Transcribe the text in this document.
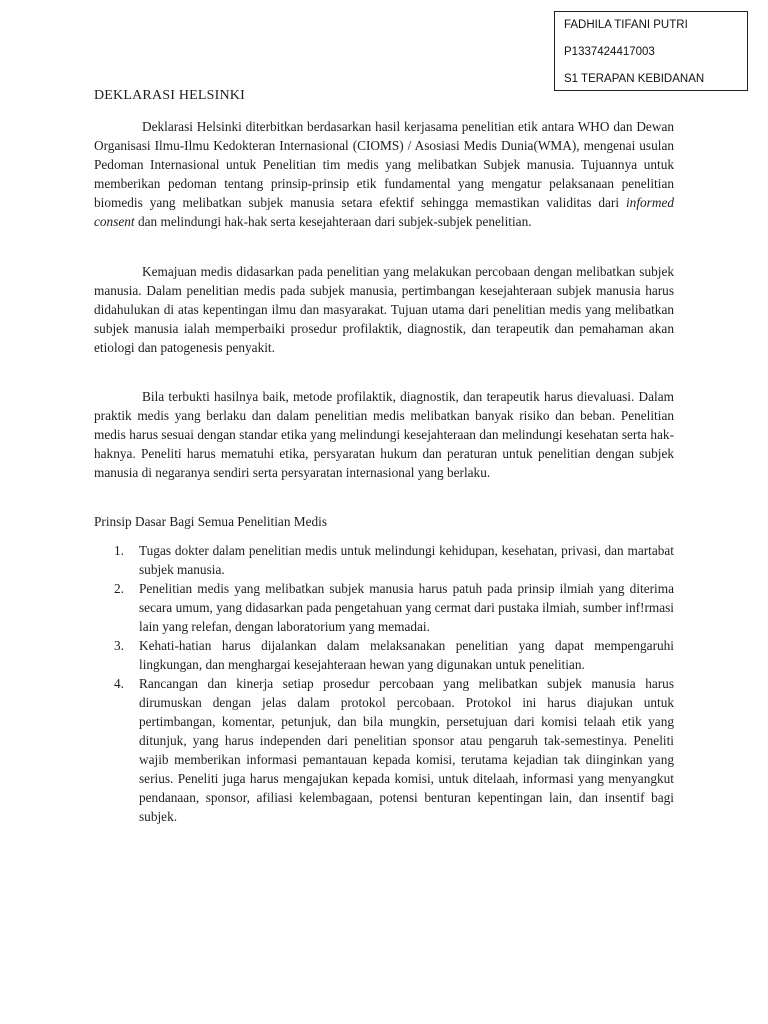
FADHILA TIFANI PUTRI
P1337424417003
S1 TERAPAN KEBIDANAN
DEKLARASI HELSINKI

Deklarasi Helsinki diterbitkan berdasarkan hasil kerjasama penelitian etik antara WHO dan Dewan Organisasi Ilmu-Ilmu Kedokteran Internasional (CIOMS) / Asosiasi Medis Dunia(WMA), mengenai usulan Pedoman Internasional untuk Penelitian tim medis yang melibatkan Subjek manusia. Tujuannya untuk memberikan pedoman tentang prinsip-prinsip etik fundamental yang mengatur pelaksanaan penelitian biomedis yang melibatkan subjek manusia setara efektif sehingga memastikan validitas dari informed consent dan melindungi hak-hak serta kesejahteraan dari subjek-subjek penelitian.

Kemajuan medis didasarkan pada penelitian yang melakukan percobaan dengan melibatkan subjek manusia. Dalam penelitian medis pada subjek manusia, pertimbangan kesejahteraan subjek manusia harus didahulukan di atas kepentingan ilmu dan masyarakat. Tujuan utama dari penelitian medis yang melibatkan subjek manusia ialah memperbaiki prosedur profilaktik, diagnostik, dan terapeutik dan pemahaman akan etiologi dan patogenesis penyakit.

Bila terbukti hasilnya baik, metode profilaktik, diagnostik, dan terapeutik harus dievaluasi. Dalam praktik medis yang berlaku dan dalam penelitian medis melibatkan banyak risiko dan beban. Penelitian medis harus sesuai dengan standar etika yang melindungi kesejahteraan dan melindungi kesehatan serta hak-haknya. Peneliti harus mematuhi etika, persyaratan hukum dan peraturan untuk penelitian dengan subjek manusia di negaranya sendiri serta persyaratan internasional yang berlaku.

Prinsip Dasar Bagi Semua Penelitian Medis
1. Tugas dokter dalam penelitian medis untuk melindungi kehidupan, kesehatan, privasi, dan martabat subjek manusia.
2. Penelitian medis yang melibatkan subjek manusia harus patuh pada prinsip ilmiah yang diterima secara umum, yang didasarkan pada pengetahuan yang cermat dari pustaka ilmiah, sumber inf!rmasi lain yang relefan, dengan laboratorium yang memadai.
3. Kehati-hatian harus dijalankan dalam melaksanakan penelitian yang dapat mempengaruhi lingkungan, dan menghargai kesejahteraan hewan yang digunakan untuk penelitian.
4. Rancangan dan kinerja setiap prosedur percobaan yang melibatkan subjek manusia harus dirumuskan dengan jelas dalam protokol percobaan. Protokol ini harus diajukan untuk pertimbangan, komentar, petunjuk, dan bila mungkin, persetujuan dari komisi telaah etik yang ditunjuk, yang harus independen dari penelitian sponsor atau pengaruh tak-semestinya. Peneliti wajib memberikan informasi pemantauan kepada komisi, terutama kejadian tak diinginkan yang serius. Peneliti juga harus mengajukan kepada komisi, untuk ditelaah, informasi yang menyangkut pendanaan, sponsor, afiliasi kelembagaan, potensi benturan kepentingan lain, dan insentif bagi subjek.
